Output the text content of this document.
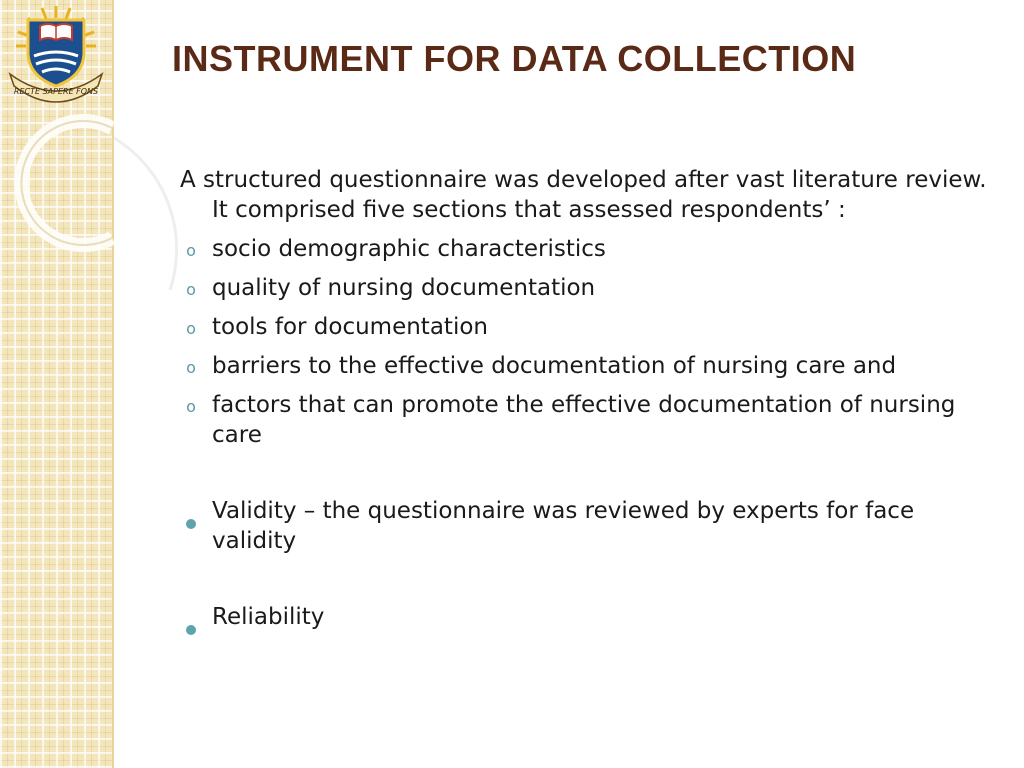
RECTE SAPERE FONS
INSTRUMENT FOR DATA COLLECTION

A structured questionnaire was developed after vast literature review. It comprised five sections that assessed respondents’ :

o socio demographic characteristics
o quality of nursing documentation
o tools for documentation
o barriers to the effective documentation of nursing care and
o factors that can promote the effective documentation of nursing care
Validity – the questionnaire was reviewed by experts for face validity
Reliability
